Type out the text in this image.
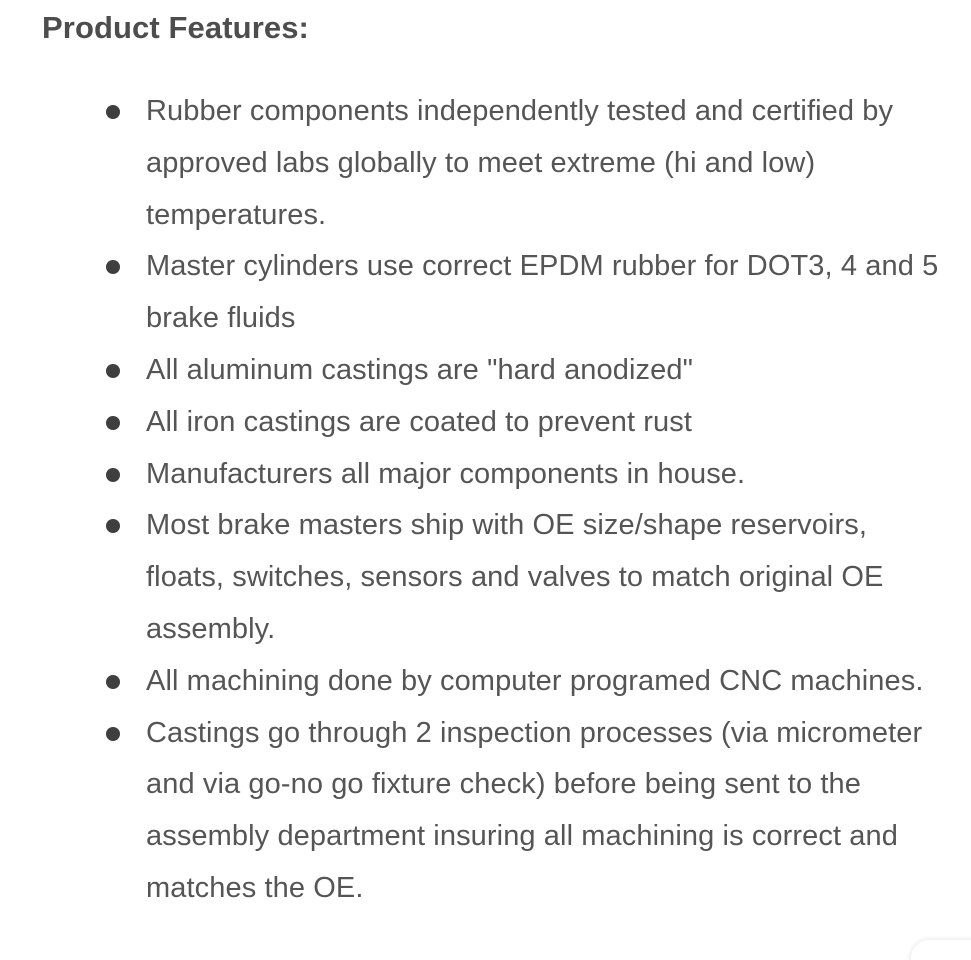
Product Features:
Rubber components independently tested and certified by approved labs globally to meet extreme (hi and low) temperatures.
Master cylinders use correct EPDM rubber for DOT3, 4 and 5 brake fluids
All aluminum castings are "hard anodized"
All iron castings are coated to prevent rust
Manufacturers all major components in house.
Most brake masters ship with OE size/shape reservoirs, floats, switches, sensors and valves to match original OE assembly.
All machining done by computer programed CNC machines.
Castings go through 2 inspection processes (via micrometer and via go-no go fixture check) before being sent to the assembly department insuring all machining is correct and matches the OE.
